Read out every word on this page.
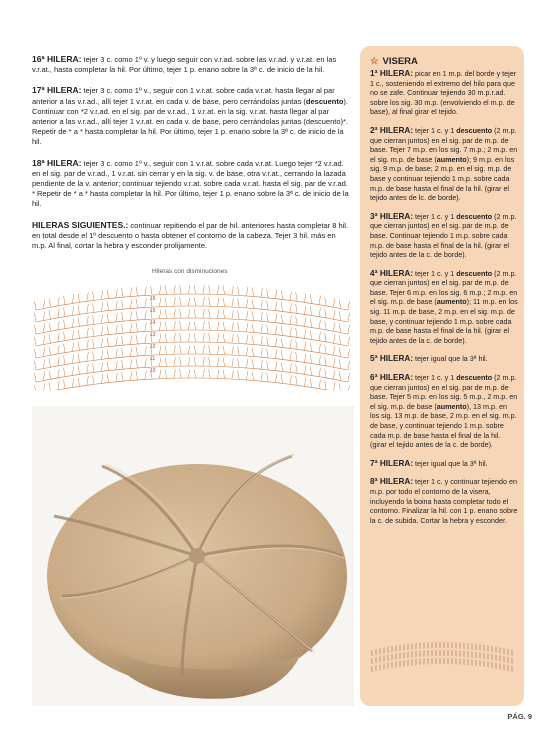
16ª HILERA: tejer 3 c. como 1º v. y luego seguir con v.r.ad. sobre las v.r.ad. y v.r.at. en las v.r.at., hasta completar la hil. Por último, tejer 1 p. enano sobre la 3ª c. de inicio de la hil.

17ª HILERA: tejer 3 c. como 1º v., seguir con 1 v.r.at. sobre cada v.r.at. hasta llegar al par anterior a las v.r.ad., allí tejer 1 v.r.at. en cada v. de base, pero cerrándolas juntas (descuento). Continuar con *2 v.r.ad. en el sig. par de v.r.ad., 1 v.r.at. en la sig. v.r.at. hasta llegar al par anterior a las v.r.ad., allí tejer 1 v.r.at. en cada v. de base, pero cerrándolas juntas (descuento)*. Repetir de * a * hasta completar la hil. Por último, tejer 1 p. enano sobre la 3ª c. de inicio de la hil.

18ª HILERA: tejer 3 c. como 1º v., seguir con 1 v.r.at. sobre cada v.r.at. Luego tejer *2 v.r.ad. en el sig. par de v.r.ad., 1 v.r.at. sin cerrar y en la sig. v. de base, otra v.r.at., cerrando la lazada pendiente de la v. anterior; continuar tejiendo v.r.at. sobre cada v.r.at. hasta el sig. par de v.r.ad. * Repetir de * a * hasta completar la hil. Por último, tejer 1 p. enano sobre la 3ª c. de inicio de la hil.

HILERAS SIGUIENTES.: continuar repitiendo el par de hil. anteriores hasta completar 8 hil. en total desde el 1º descuento o hasta obtener el contorno de la cabeza. Tejer 3 hil. más en m.p. Al final, cortar la hebra y esconder prolijamente.

Hileras con disminuciones
16
15
14
13
12
11
10

☆ VISERA

1ª HILERA: picar en 1 m.p. del borde y tejer 1 c., sosteniendo el extremo del hilo para que no se zafe. Continuar tejiendo 30 m.p.r.ad. sobre los sig. 30 m.p. (envolviendo el m.p. de base), al final girar el tejido.

2ª HILERA: tejer 1 c. y 1 descuento (2 m.p. que cierran juntos) en el sig. par de m.p. de base. Tejer 7 m.p. en los sig. 7 m.p.; 2 m.p. en el sig. m.p. de base (aumento); 9 m.p. en los sig. 9 m.p. de base; 2 m.p. en el sig. m.p. de base y continuar tejiendo 1 m.p. sobre cada m.p. de base hasta el final de la hil. (girar el tejido antes de lc. de borde).

3ª HILERA: tejer 1 c. y 1 descuento (2 m.p. que cierran juntos) en el sig. par de m.p. de base. Continuar tejiendo 1 m.p. sobre cada m.p. de base hasta el final de la hil. (girar el tejido antes de la c. de borde).

4ª HILERA: tejer 1 c. y 1 descuento (2 m.p. que cierran juntos) en el sig. par de m.p. de base. Tejer 6 m.p. en los sig. 6 m.p.; 2 m.p. en el sig. m.p. de base (aumento); 11 m.p. en los sig. 11 m.p. de base, 2 m.p. en el sig. m.p. de base, y continuar tejiendo 1 m.p. sobre cada m.p. de base hasta el final de la hil. (girar el tejido antes de la c. de borde).

5ª HILERA: tejer igual que la 3ª hil.

6ª HILERA: tejer 1 c. y 1 descuento (2 m.p. que cierran juntos) en el sig. par de m.p. de base. Tejer 5 m.p. en los sig. 5 m.p., 2 m.p. en el sig. m.p. de base (aumento), 13 m.p. en los sig. 13 m.p. de base, 2 m.p. en el sig. m.p. de base, y continuar tejiendo 1 m.p. sobre cada m.p. de base hasta el final de la hil. (girar el tejido antes de la c. de borde).

7ª HILERA: tejer igual que la 3ª hil.

8ª HILERA: tejer 1 c. y continuar tejiendo en m.p. por todo el contorno de la visera, incluyendo la boina hasta completar todo el contorno. Finalizar la hil. con 1 p. enano sobre la c. de subida. Cortar la hebra y esconder.

PÁG. 9
